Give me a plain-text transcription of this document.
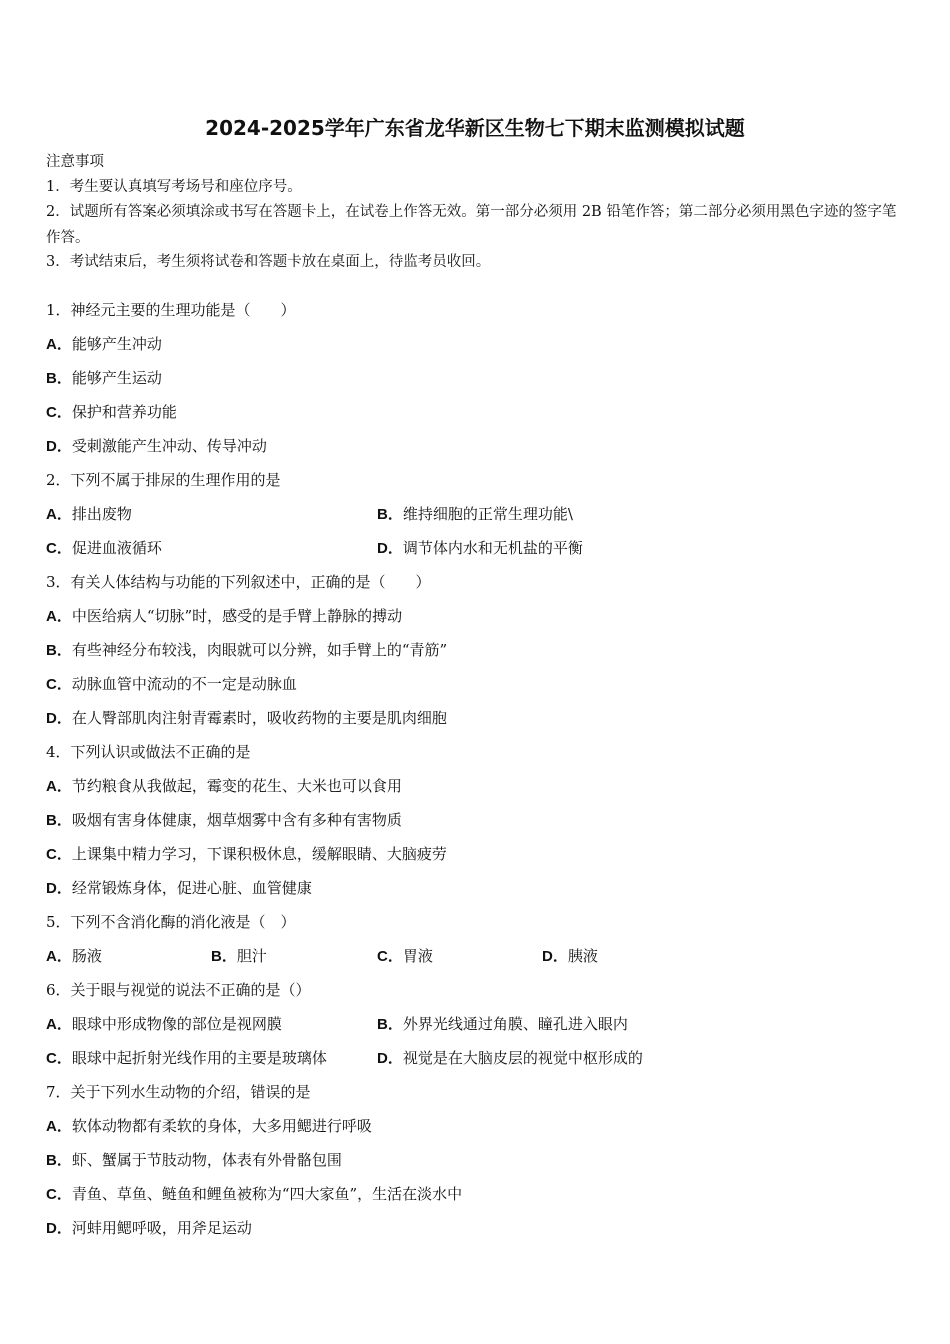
2024-2025学年广东省龙华新区生物七下期末监测模拟试题
注意事项
1．考生要认真填写考场号和座位序号。
2．试题所有答案必须填涂或书写在答题卡上，在试卷上作答无效。第一部分必须用 2B 铅笔作答；第二部分必须用黑色字迹的签字笔作答。
3．考试结束后，考生须将试卷和答题卡放在桌面上，待监考员收回。
1．神经元主要的生理功能是（　　）
A．能够产生冲动
B．能够产生运动
C．保护和营养功能
D．受刺激能产生冲动、传导冲动
2．下列不属于排尿的生理作用的是
A．排出废物	B．维持细胞的正常生理功能\
C．促进血液循环	D．调节体内水和无机盐的平衡
3．有关人体结构与功能的下列叙述中，正确的是（　　）
A．中医给病人“切脉”时，感受的是手臂上静脉的搏动
B．有些神经分布较浅，肉眼就可以分辨，如手臂上的“青筋”
C．动脉血管中流动的不一定是动脉血
D．在人臀部肌肉注射青霉素时，吸收药物的主要是肌肉细胞
4．下列认识或做法不正确的是
A．节约粮食从我做起，霉变的花生、大米也可以食用
B．吸烟有害身体健康，烟草烟雾中含有多种有害物质
C．上课集中精力学习，下课积极休息，缓解眼睛、大脑疲劳
D．经常锻炼身体，促进心脏、血管健康
5．下列不含消化酶的消化液是（　）
A．肠液	B．胆汁	C．胃液	D．胰液
6．关于眼与视觉的说法不正确的是（）
A．眼球中形成物像的部位是视网膜	B．外界光线通过角膜、瞳孔进入眼内
C．眼球中起折射光线作用的主要是玻璃体	D．视觉是在大脑皮层的视觉中枢形成的
7．关于下列水生动物的介绍，错误的是
A．软体动物都有柔软的身体，大多用鳃进行呼吸
B．虾、蟹属于节肢动物，体表有外骨骼包围
C．青鱼、草鱼、鲢鱼和鲤鱼被称为“四大家鱼”，生活在淡水中
D．河蚌用鳃呼吸，用斧足运动
